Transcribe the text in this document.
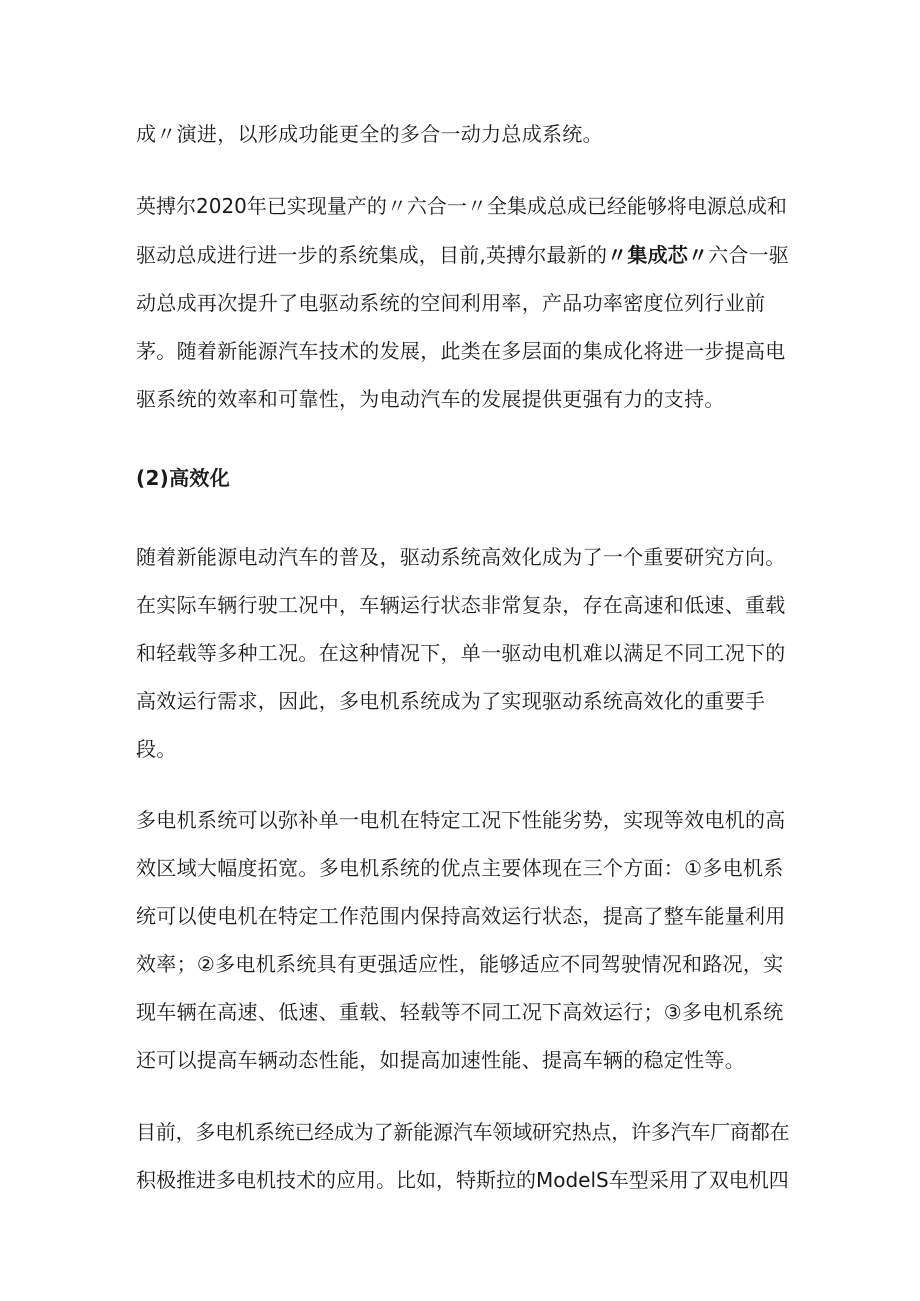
成〃演进，以形成功能更全的多合一动力总成系统。
英搏尔2020年已实现量产的〃六合一〃全集成总成已经能够将电源总成和
驱动总成进行进一步的系统集成，目前,英搏尔最新的〃集成芯〃六合一驱
动总成再次提升了电驱动系统的空间利用率，产品功率密度位列行业前
茅。随着新能源汽车技术的发展，此类在多层面的集成化将进一步提高电
驱系统的效率和可靠性，为电动汽车的发展提供更强有力的支持。
(2)高效化
随着新能源电动汽车的普及，驱动系统高效化成为了一个重要研究方向。
在实际车辆行驶工况中，车辆运行状态非常复杂，存在高速和低速、重载
和轻载等多种工况。在这种情况下，单一驱动电机难以满足不同工况下的
高效运行需求，因此，多电机系统成为了实现驱动系统高效化的重要手
段。
多电机系统可以弥补单一电机在特定工况下性能劣势，实现等效电机的高
效区域大幅度拓宽。多电机系统的优点主要体现在三个方面：①多电机系
统可以使电机在特定工作范围内保持高效运行状态，提高了整车能量利用
效率；②多电机系统具有更强适应性，能够适应不同驾驶情况和路况，实
现车辆在高速、低速、重载、轻载等不同工况下高效运行；③多电机系统
还可以提高车辆动态性能，如提高加速性能、提高车辆的稳定性等。
目前，多电机系统已经成为了新能源汽车领域研究热点，许多汽车厂商都在
积极推进多电机技术的应用。比如，特斯拉的ModelS车型采用了双电机四
